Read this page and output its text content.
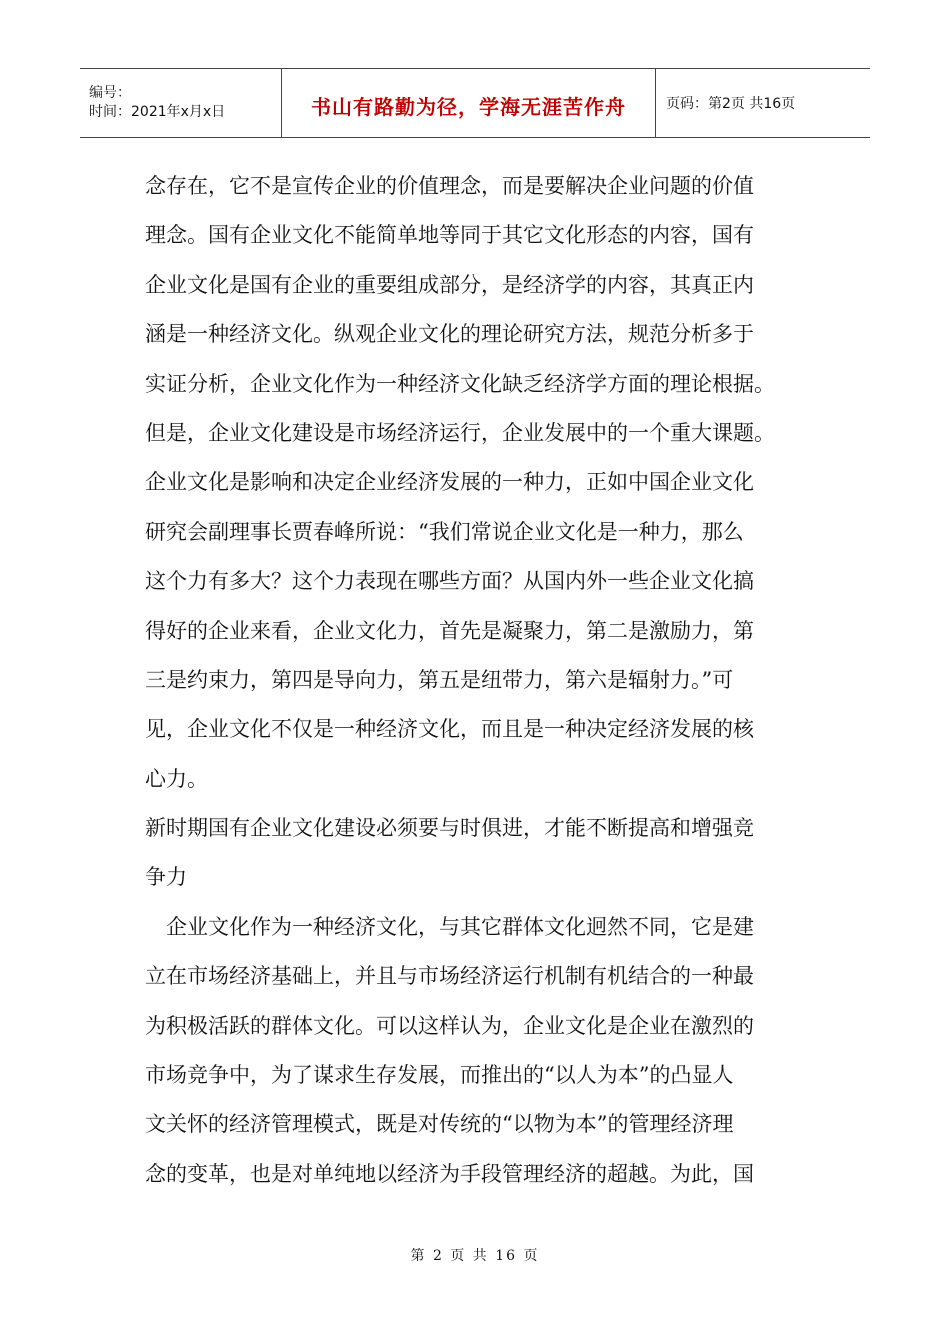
编号：
时间：2021年x月x日	书山有路勤为径，学海无涯苦作舟	页码：第2页 共16页
念存在，它不是宣传企业的价值理念，而是要解决企业问题的价值
理念。国有企业文化不能简单地等同于其它文化形态的内容，国有
企业文化是国有企业的重要组成部分，是经济学的内容，其真正内
涵是一种经济文化。纵观企业文化的理论研究方法，规范分析多于
实证分析，企业文化作为一种经济文化缺乏经济学方面的理论根据。
但是，企业文化建设是市场经济运行，企业发展中的一个重大课题。
企业文化是影响和决定企业经济发展的一种力，正如中国企业文化
研究会副理事长贾春峰所说：“我们常说企业文化是一种力，那么
这个力有多大？这个力表现在哪些方面？从国内外一些企业文化搞
得好的企业来看，企业文化力，首先是凝聚力，第二是激励力，第
三是约束力，第四是导向力，第五是纽带力，第六是辐射力。”可
见，企业文化不仅是一种经济文化，而且是一种决定经济发展的核
心力。
新时期国有企业文化建设必须要与时俱进，才能不断提高和增强竞
争力
　企业文化作为一种经济文化，与其它群体文化迥然不同，它是建
立在市场经济基础上，并且与市场经济运行机制有机结合的一种最
为积极活跃的群体文化。可以这样认为，企业文化是企业在激烈的
市场竞争中，为了谋求生存发展，而推出的“以人为本”的凸显人
文关怀的经济管理模式，既是对传统的“以物为本”的管理经济理
念的变革，也是对单纯地以经济为手段管理经济的超越。为此，国
第 2 页 共 16 页
